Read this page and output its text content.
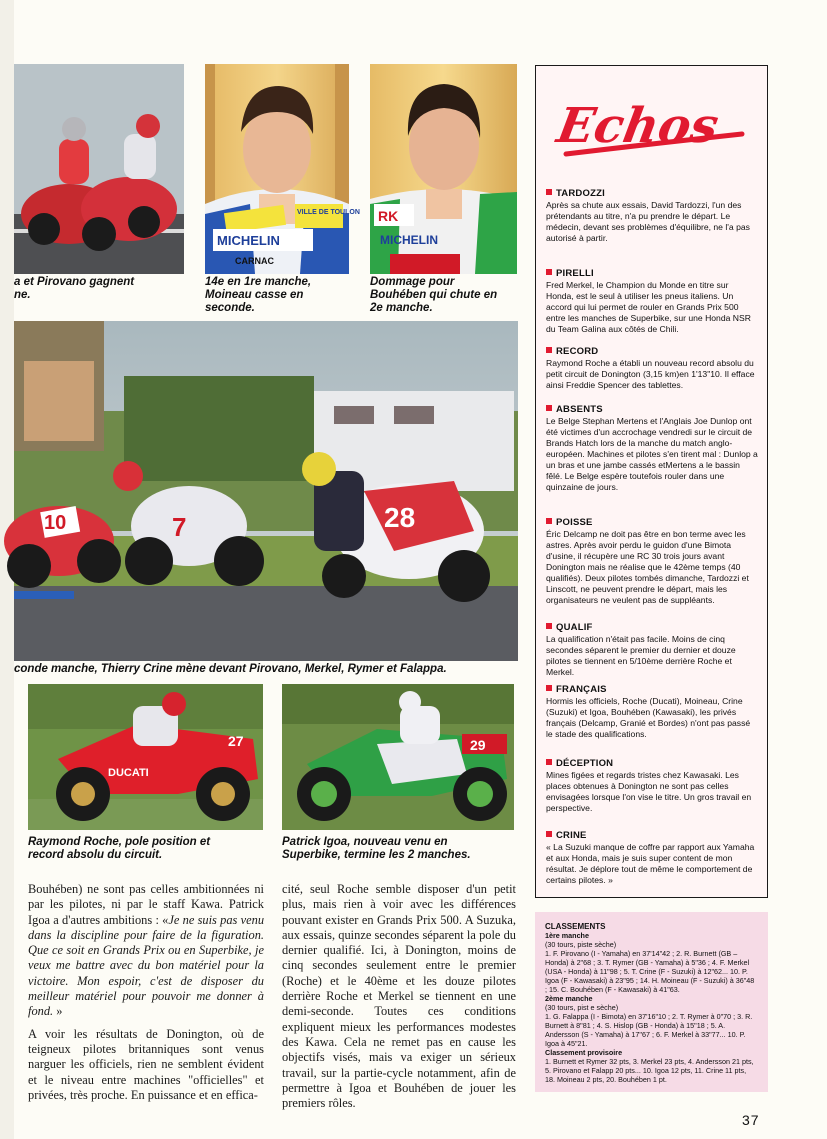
MICHELIN
VILLE DE TOULON
CARNAC
RK
MICHELIN
a et Pirovano gagnent
ne.
14e en 1re manche,
Moineau casse en
seconde.
Dommage pour
Bouhében qui chute en
2e manche.
10	7	28
conde manche, Thierry Crine mène devant Pirovano, Merkel, Rymer et Falappa.
DUCATI
27	29
Raymond Roche, pole position et
record absolu du circuit.
Patrick Igoa, nouveau venu en
Superbike, termine les 2 manches.

Bouhében) ne sont pas celles ambitionnées ni par les pilotes, ni par le staff Kawa. Patrick Igoa a d'autres ambitions : «Je ne suis pas venu dans la discipline pour faire de la figuration. Que ce soit en Grands Prix ou en Superbike, je veux me battre avec du bon matériel pour la victoire. Mon espoir, c'est de disposer du meilleur matériel pour pouvoir me donner à fond. »

A voir les résultats de Donington, où de teigneux pilotes britanniques sont venus narguer les officiels, rien ne semblent évident et le niveau entre machines "officielles" et privées, très proche. En puissance et en effica-

cité, seul Roche semble disposer d'un petit plus, mais rien à voir avec les différences pouvant exister en Grands Prix 500. A Suzuka, aux essais, quinze secondes séparent la pole du dernier qualifié. Ici, à Donington, moins de cinq secondes seulement entre le premier (Roche) et le 40ème et les douze pilotes derrière Roche et Merkel se tiennent en une demi-seconde. Toutes ces conditions expliquent mieux les performances modestes des Kawa. Cela ne remet pas en cause les objectifs visés, mais va exiger un sérieux travail, sur la partie-cycle notamment, afin de permettre à Igoa et Bouhében de jouer les premiers rôles.

Echos
TARDOZZI

Après sa chute aux essais, David Tardozzi, l'un des prétendants au titre, n'a pu prendre le départ. Le médecin, devant ses problèmes d'équilibre, ne l'a pas autorisé à partir.

PIRELLI

Fred Merkel, le Champion du Monde en titre sur Honda, est le seul à utiliser les pneus italiens. Un accord qui lui permet de rouler en Grands Prix 500 entre les manches de Superbike, sur une Honda NSR du Team Galina aux côtés de Chili.

RECORD

Raymond Roche a établi un nouveau record absolu du petit circuit de Donington (3,15 km)en 1'13"10. Il efface ainsi Freddie Spencer des tablettes.

ABSENTS

Le Belge Stephan Mertens et l'Anglais Joe Dunlop ont été victimes d'un accrochage vendredi sur le circuit de Brands Hatch lors de la manche du match anglo-européen. Machines et pilotes s'en tirent mal : Dunlop a un bras et une jambe cassés etMertens a le bassin fêlé. Le Belge espère toutefois rouler dans une quinzaine de jours.

POISSE

Éric Delcamp ne doit pas être en bon terme avec les astres. Après avoir perdu le guidon d'une Bimota d'usine, il récupère une RC 30 trois jours avant Donington mais ne réalise que le 42ème temps (40 qualifiés). Deux pilotes tombés dimanche, Tardozzi et Linscott, ne peuvent prendre le départ, mais les organisateurs ne veulent pas de suppléants.

QUALIF

La qualification n'était pas facile. Moins de cinq secondes séparent le premier du dernier et douze pilotes se tiennent en 5/10ème derrière Roche et Merkel.

FRANÇAIS

Hormis les officiels, Roche (Ducati), Moineau, Crine (Suzuki) et Igoa, Bouhében (Kawasaki), les privés français (Delcamp, Granié et Bordes) n'ont pas passé le stade des qualifications.

DÉCEPTION

Mines figées et regards tristes chez Kawasaki. Les places obtenues à Donington ne sont pas celles envisagées lorsque l'on vise le titre. Un gros travail en perspective.

CRINE

« La Suzuki manque de coffre par rapport aux Yamaha et aux Honda, mais je suis super content de mon résultat. Je déplore tout de même le comportement de certains pilotes. »

CLASSEMENTS
1ère manche
(30 tours, piste sèche)
1. F. Pirovano (I - Yamaha) en 37'14"42 ; 2. R. Burnett (GB –Honda) à 2"68 ; 3. T. Rymer (GB - Yamaha) à 5"36 ; 4. F. Merkel (USA - Honda) à 11"98 ; 5. T. Crine (F - Suzuki) à 12"62... 10. P. Igoa (F - Kawasaki) à 23"95 ; 14. H. Moineau (F - Suzuki) à 36"48 ; 15. C. Bouhében (F - Kawasaki) à 41"63.
2ème manche
(30 tours, pist e sèche)
1. G. Falappa (I - Bimota) en 37'16"10 ; 2. T. Rymer à 0"70 ; 3. R. Burnett à 8"81 ; 4. S. Hislop (GB - Honda) à 15"18 ; 5. A. Andersson (S - Yamaha) à 17"67 ; 6. F. Merkel à 33"77... 10. P. Igoa à 45"21.
Classement provisoire
1. Burnett et Rymer 32 pts, 3. Merkel 23 pts, 4. Andersson 21 pts, 5. Pirovano et Falapp 20 pts... 10. Igoa 12 pts, 11. Crine 11 pts, 18. Moineau 2 pts, 20. Bouhében 1 pt.
37
